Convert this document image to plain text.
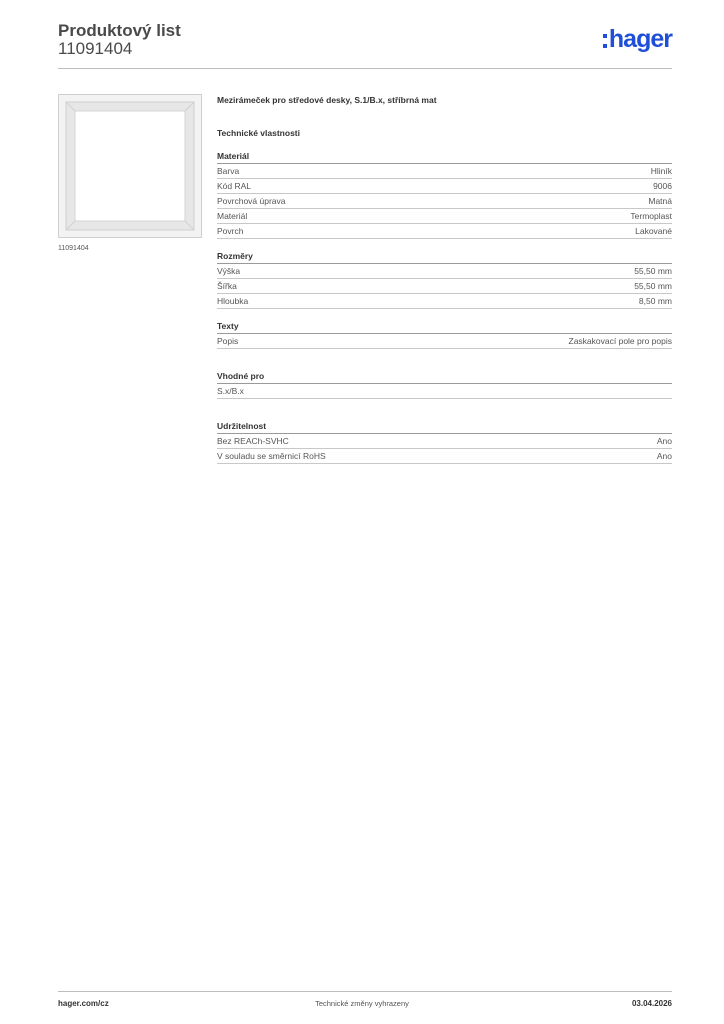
Produktový list
11091404	hager
11091404
Mezirámeček pro středové desky, S.1/B.x, stříbrná mat
Technické vlastnosti
Materiál
Barva	Hliník
Kód RAL	9006
Povrchová úprava	Matná
Materiál	Termoplast
Povrch	Lakované
Rozměry
Výška	55,50 mm
Šířka	55,50 mm
Hloubka	8,50 mm
Texty
Popis	Zaskakovací pole pro popis
Vhodné pro
S.x/B.x
Udržitelnost
Bez REACh-SVHC	Ano
V souladu se směrnicí RoHS	Ano
hager.com/cz	Technické změny vyhrazeny	03.04.2026
